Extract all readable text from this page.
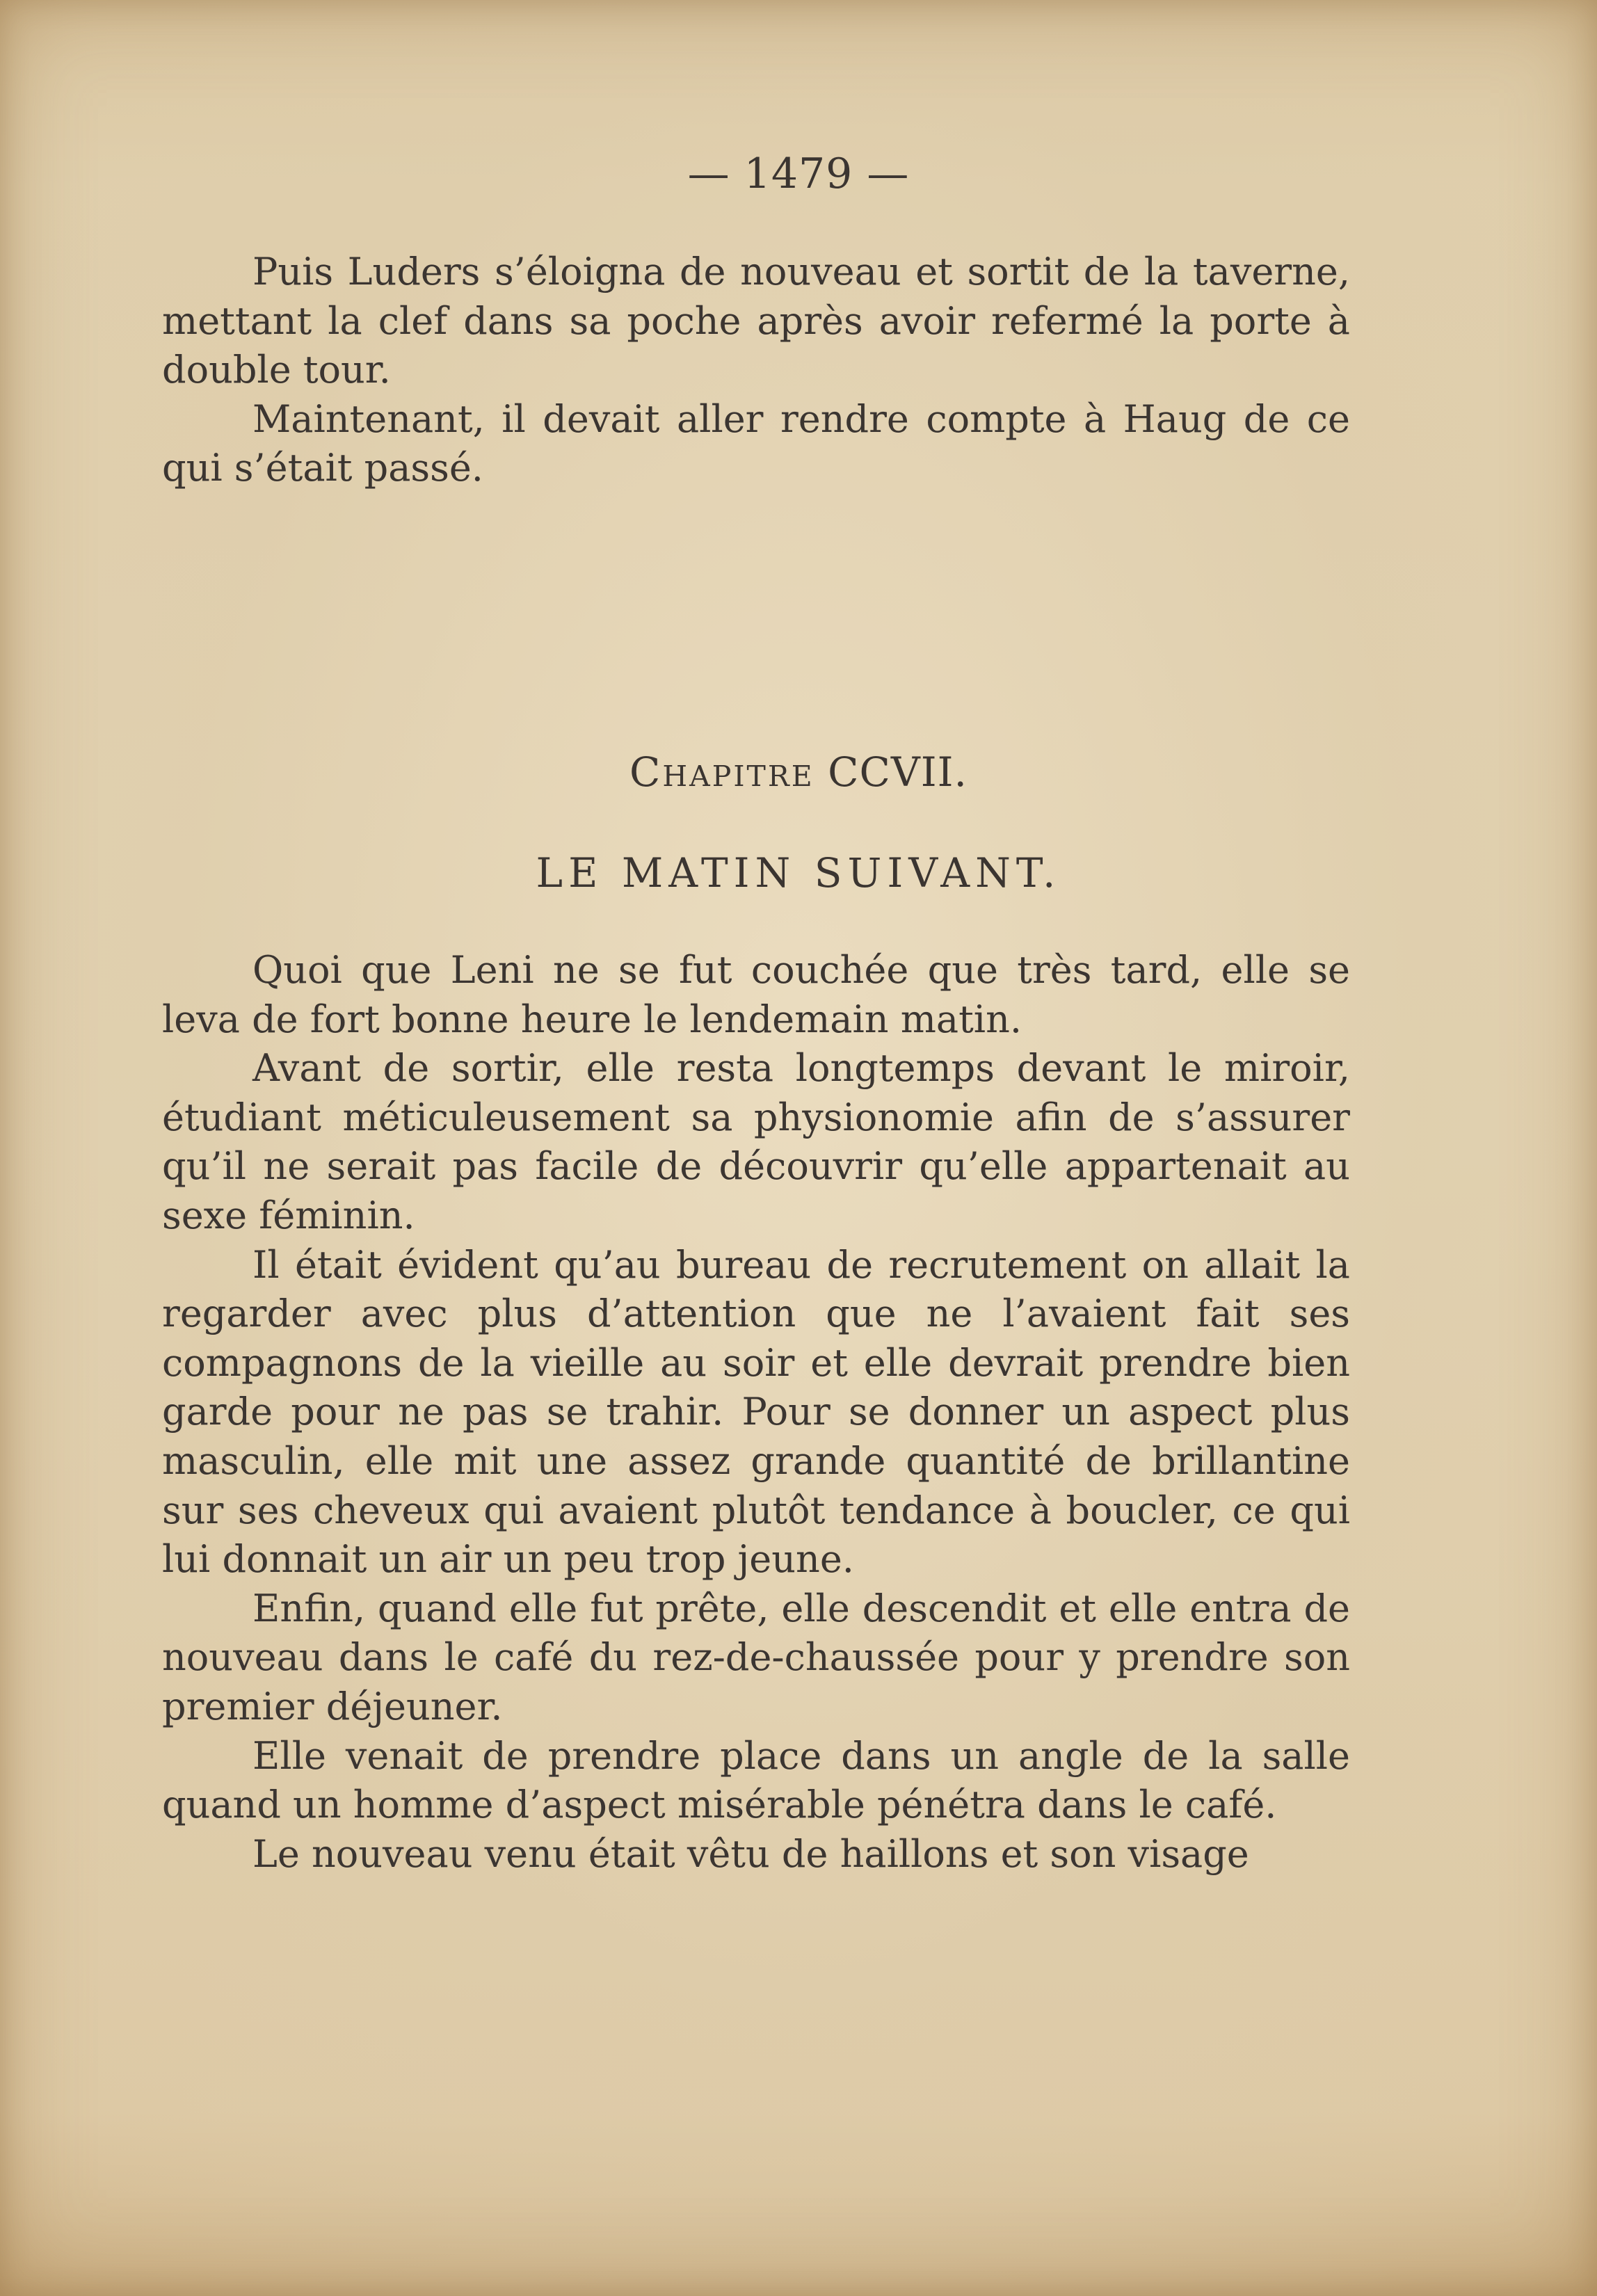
— 1479 —

Puis Luders s’éloigna de nouveau et sortit de la taverne, mettant la clef dans sa poche après avoir refermé la porte à double tour.

Maintenant, il devait aller rendre compte à Haug de ce qui s’était passé.

Chapitre CCVII.
LE MATIN SUIVANT.

Quoi que Leni ne se fut couchée que très tard, elle se leva de fort bonne heure le lendemain matin.

Avant de sortir, elle resta longtemps devant le miroir, étudiant méticuleusement sa physionomie afin de s’assurer qu’il ne serait pas facile de découvrir qu’elle appartenait au sexe féminin.

Il était évident qu’au bureau de recrutement on allait la regarder avec plus d’attention que ne l’avaient fait ses compagnons de la vieille au soir et elle devrait prendre bien garde pour ne pas se trahir. Pour se donner un aspect plus masculin, elle mit une assez grande quantité de brillantine sur ses cheveux qui avaient plutôt tendance à boucler, ce qui lui donnait un air un peu trop jeune.

Enfin, quand elle fut prête, elle descendit et elle entra de nouveau dans le café du rez-de-chaussée pour y prendre son premier déjeuner.

Elle venait de prendre place dans un angle de la salle quand un homme d’aspect misérable pénétra dans le café.

Le nouveau venu était vêtu de haillons et son visage
